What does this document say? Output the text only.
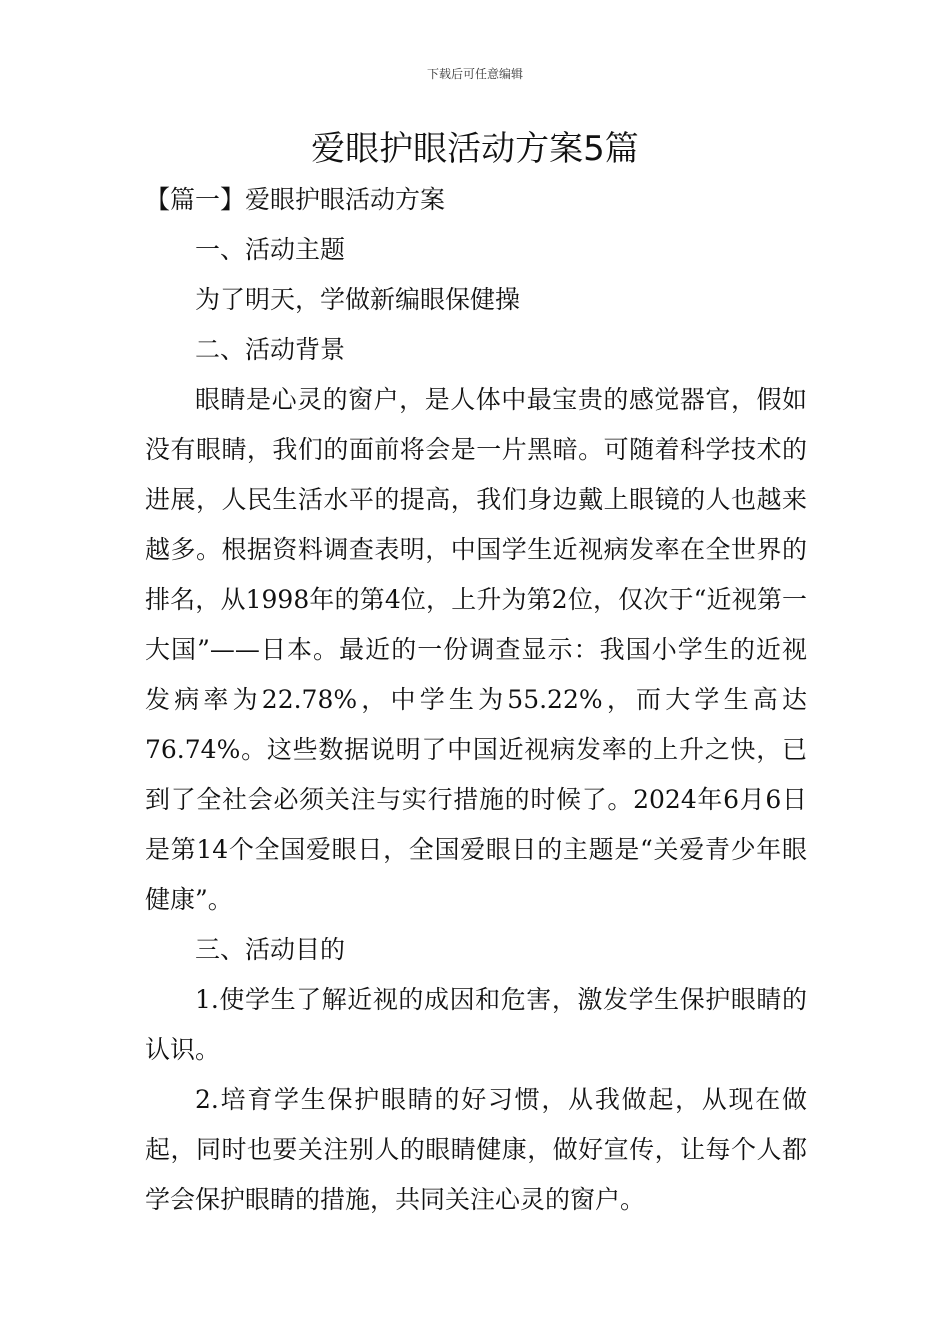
下载后可任意编辑
爱眼护眼活动方案5篇

【篇一】爱眼护眼活动方案

一、活动主题

为了明天，学做新编眼保健操

二、活动背景

眼睛是心灵的窗户，是人体中最宝贵的感觉器官，假如没有眼睛，我们的面前将会是一片黑暗。可随着科学技术的进展，人民生活水平的提高，我们身边戴上眼镜的人也越来越多。根据资料调查表明，中国学生近视病发率在全世界的排名，从1998年的第4位，上升为第2位，仅次于“近视第一大国”——日本。最近的一份调查显示：我国小学生的近视发病率为22.78%，中学生为55.22%，而大学生高达76.74%。这些数据说明了中国近视病发率的上升之快，已到了全社会必须关注与实行措施的时候了。2024年6月6日是第14个全国爱眼日，全国爱眼日的主题是“关爱青少年眼健康”。

三、活动目的

1.使学生了解近视的成因和危害，激发学生保护眼睛的认识。

2.培育学生保护眼睛的好习惯，从我做起，从现在做起，同时也要关注别人的眼睛健康，做好宣传，让每个人都学会保护眼睛的措施，共同关注心灵的窗户。
